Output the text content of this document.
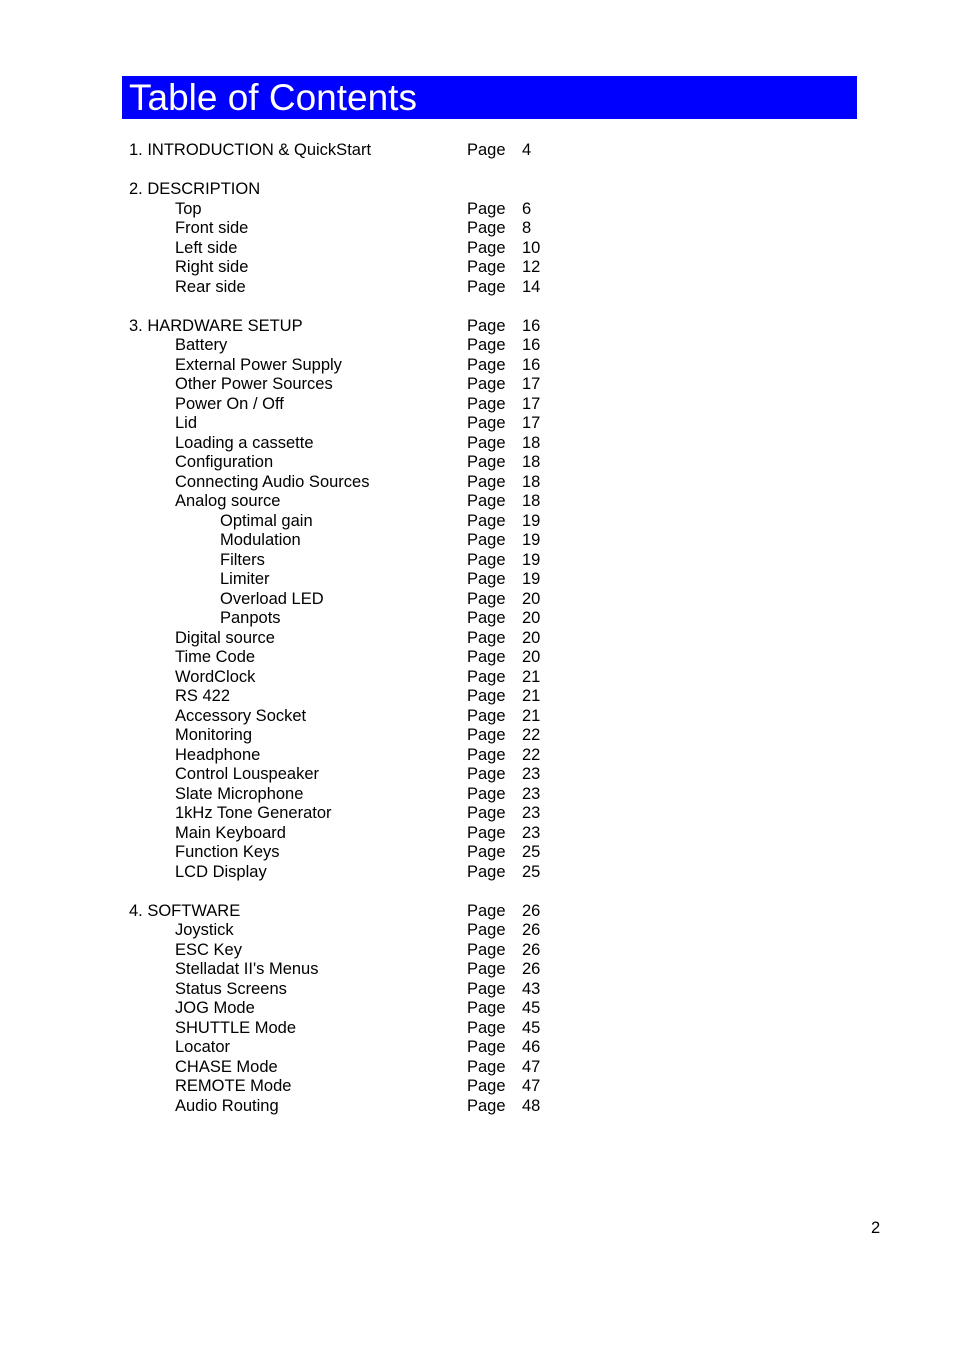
Table of Contents
1. INTRODUCTION & QuickStart	Page 4
2. DESCRIPTION
Top	Page 6
Front side	Page 8
Left side	Page 10
Right side	Page 12
Rear side	Page 14
3. HARDWARE SETUP	Page 16
Battery	Page 16
External Power Supply	Page 16
Other Power Sources	Page 17
Power On / Off	Page 17
Lid	Page 17
Loading a cassette	Page 18
Configuration	Page 18
Connecting Audio Sources	Page 18
Analog source	Page 18
Optimal gain	Page 19
Modulation	Page 19
Filters	Page 19
Limiter	Page 19
Overload LED	Page 20
Panpots	Page 20
Digital source	Page 20
Time Code	Page 20
WordClock	Page 21
RS 422	Page 21
Accessory Socket	Page 21
Monitoring	Page 22
Headphone	Page 22
Control Louspeaker	Page 23
Slate Microphone	Page 23
1kHz Tone Generator	Page 23
Main Keyboard	Page 23
Function Keys	Page 25
LCD Display	Page 25
4. SOFTWARE	Page 26
Joystick	Page 26
ESC Key	Page 26
Stelladat II's Menus	Page 26
Status Screens	Page 43
JOG Mode	Page 45
SHUTTLE Mode	Page 45
Locator	Page 46
CHASE Mode	Page 47
REMOTE Mode	Page 47
Audio Routing	Page 48
2
